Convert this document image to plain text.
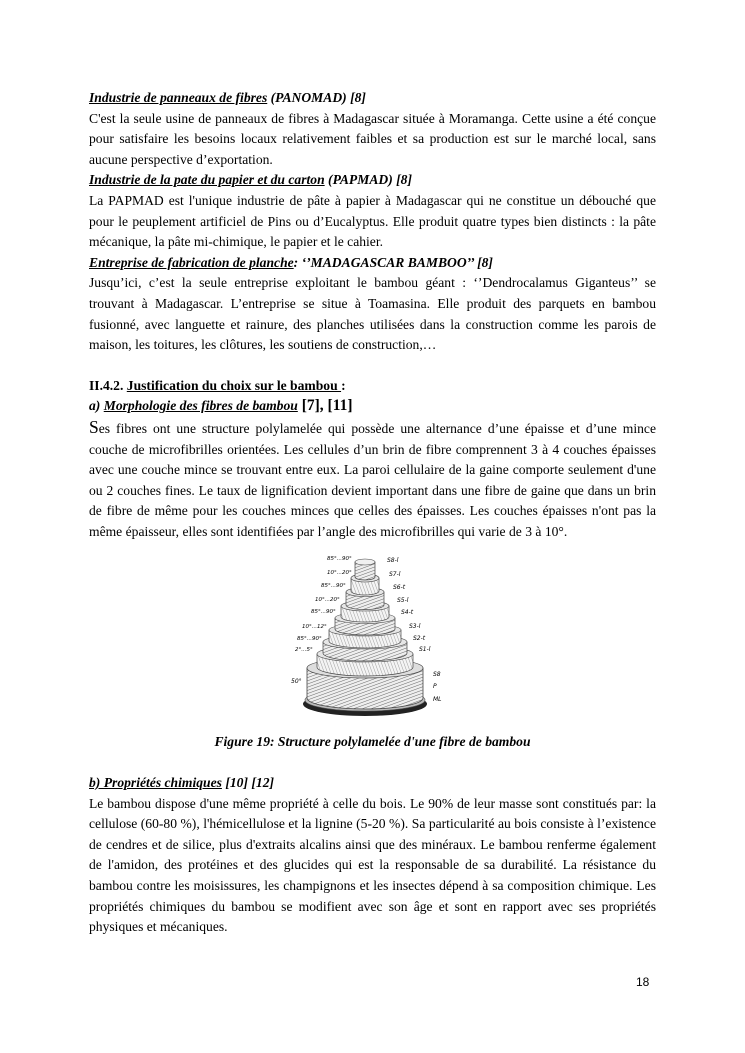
Industrie de panneaux de fibres (PANOMAD) [8]

C'est la seule usine de panneaux de fibres à Madagascar située à Moramanga. Cette usine a été conçue pour satisfaire les besoins locaux relativement faibles et sa production est sur le marché local, sans aucune perspective d’exportation.

Industrie de la pate du papier et du carton (PAPMAD) [8]

La PAPMAD est l'unique industrie de pâte à papier à Madagascar qui ne constitue un débouché que pour le peuplement artificiel de Pins ou d’Eucalyptus. Elle produit quatre types bien distincts : la pâte mécanique, la pâte mi-chimique, le papier et le cahier.

Entreprise de fabrication de planche: ‘’MADAGASCAR BAMBOO’’ [8]

Jusqu’ici, c’est la seule entreprise exploitant le bambou géant : ‘’Dendrocalamus Giganteus’’ se trouvant à Madagascar. L’entreprise se situe à Toamasina. Elle produit des parquets en bambou fusionné, avec languette et rainure, des planches utilisées dans la construction comme les parois de maison, les toitures, les clôtures, les soutiens de construction,…

II.4.2. Justification du choix sur le bambou :

a) Morphologie des fibres de bambou [7], [11]

Ses fibres ont une structure polylamelée qui possède une alternance d’une épaisse et d’une mince couche de microfibrilles orientées. Les cellules d’un brin de fibre comprennent 3 à 4 couches épaisses avec une couche mince se trouvant entre eux. La paroi cellulaire de la gaine comporte seulement d'une ou 2 couches fines. Le taux de lignification devient important dans une fibre de gaine que dans un brin de fibre de même pour les couches minces que celles des épaisses. Les couches épaisses n'ont pas la même épaisseur, elles sont identifiées par l’angle des microfibrilles qui varie de 3 à 10°.

85°...90°
10°...20°
85°...90°
10°...20°
85°...90°
10°...12°
85°...90°
2°...5°
50°
S8-l
S7-l
S6-t
S5-l
S4-t
S3-l
S2-t
S1-l
S8
P
ML

Figure 19: Structure polylamelée d'une fibre de bambou

b) Propriétés chimiques [10] [12]

Le bambou dispose d'une même propriété à celle du bois. Le 90% de leur masse sont constitués par: la cellulose (60-80 %), l'hémicellulose et la lignine (5-20 %). Sa particularité au bois consiste à l’existence de cendres et de silice, plus d'extraits alcalins ainsi que des minéraux. Le bambou renferme également de l'amidon, des protéines et des glucides qui est la responsable de sa durabilité. La résistance du bambou contre les moisissures, les champignons et les insectes dépend à sa composition chimique. Les propriétés chimiques du bambou se modifient avec son âge et sont en rapport avec ses propriétés physiques et mécaniques.

18
